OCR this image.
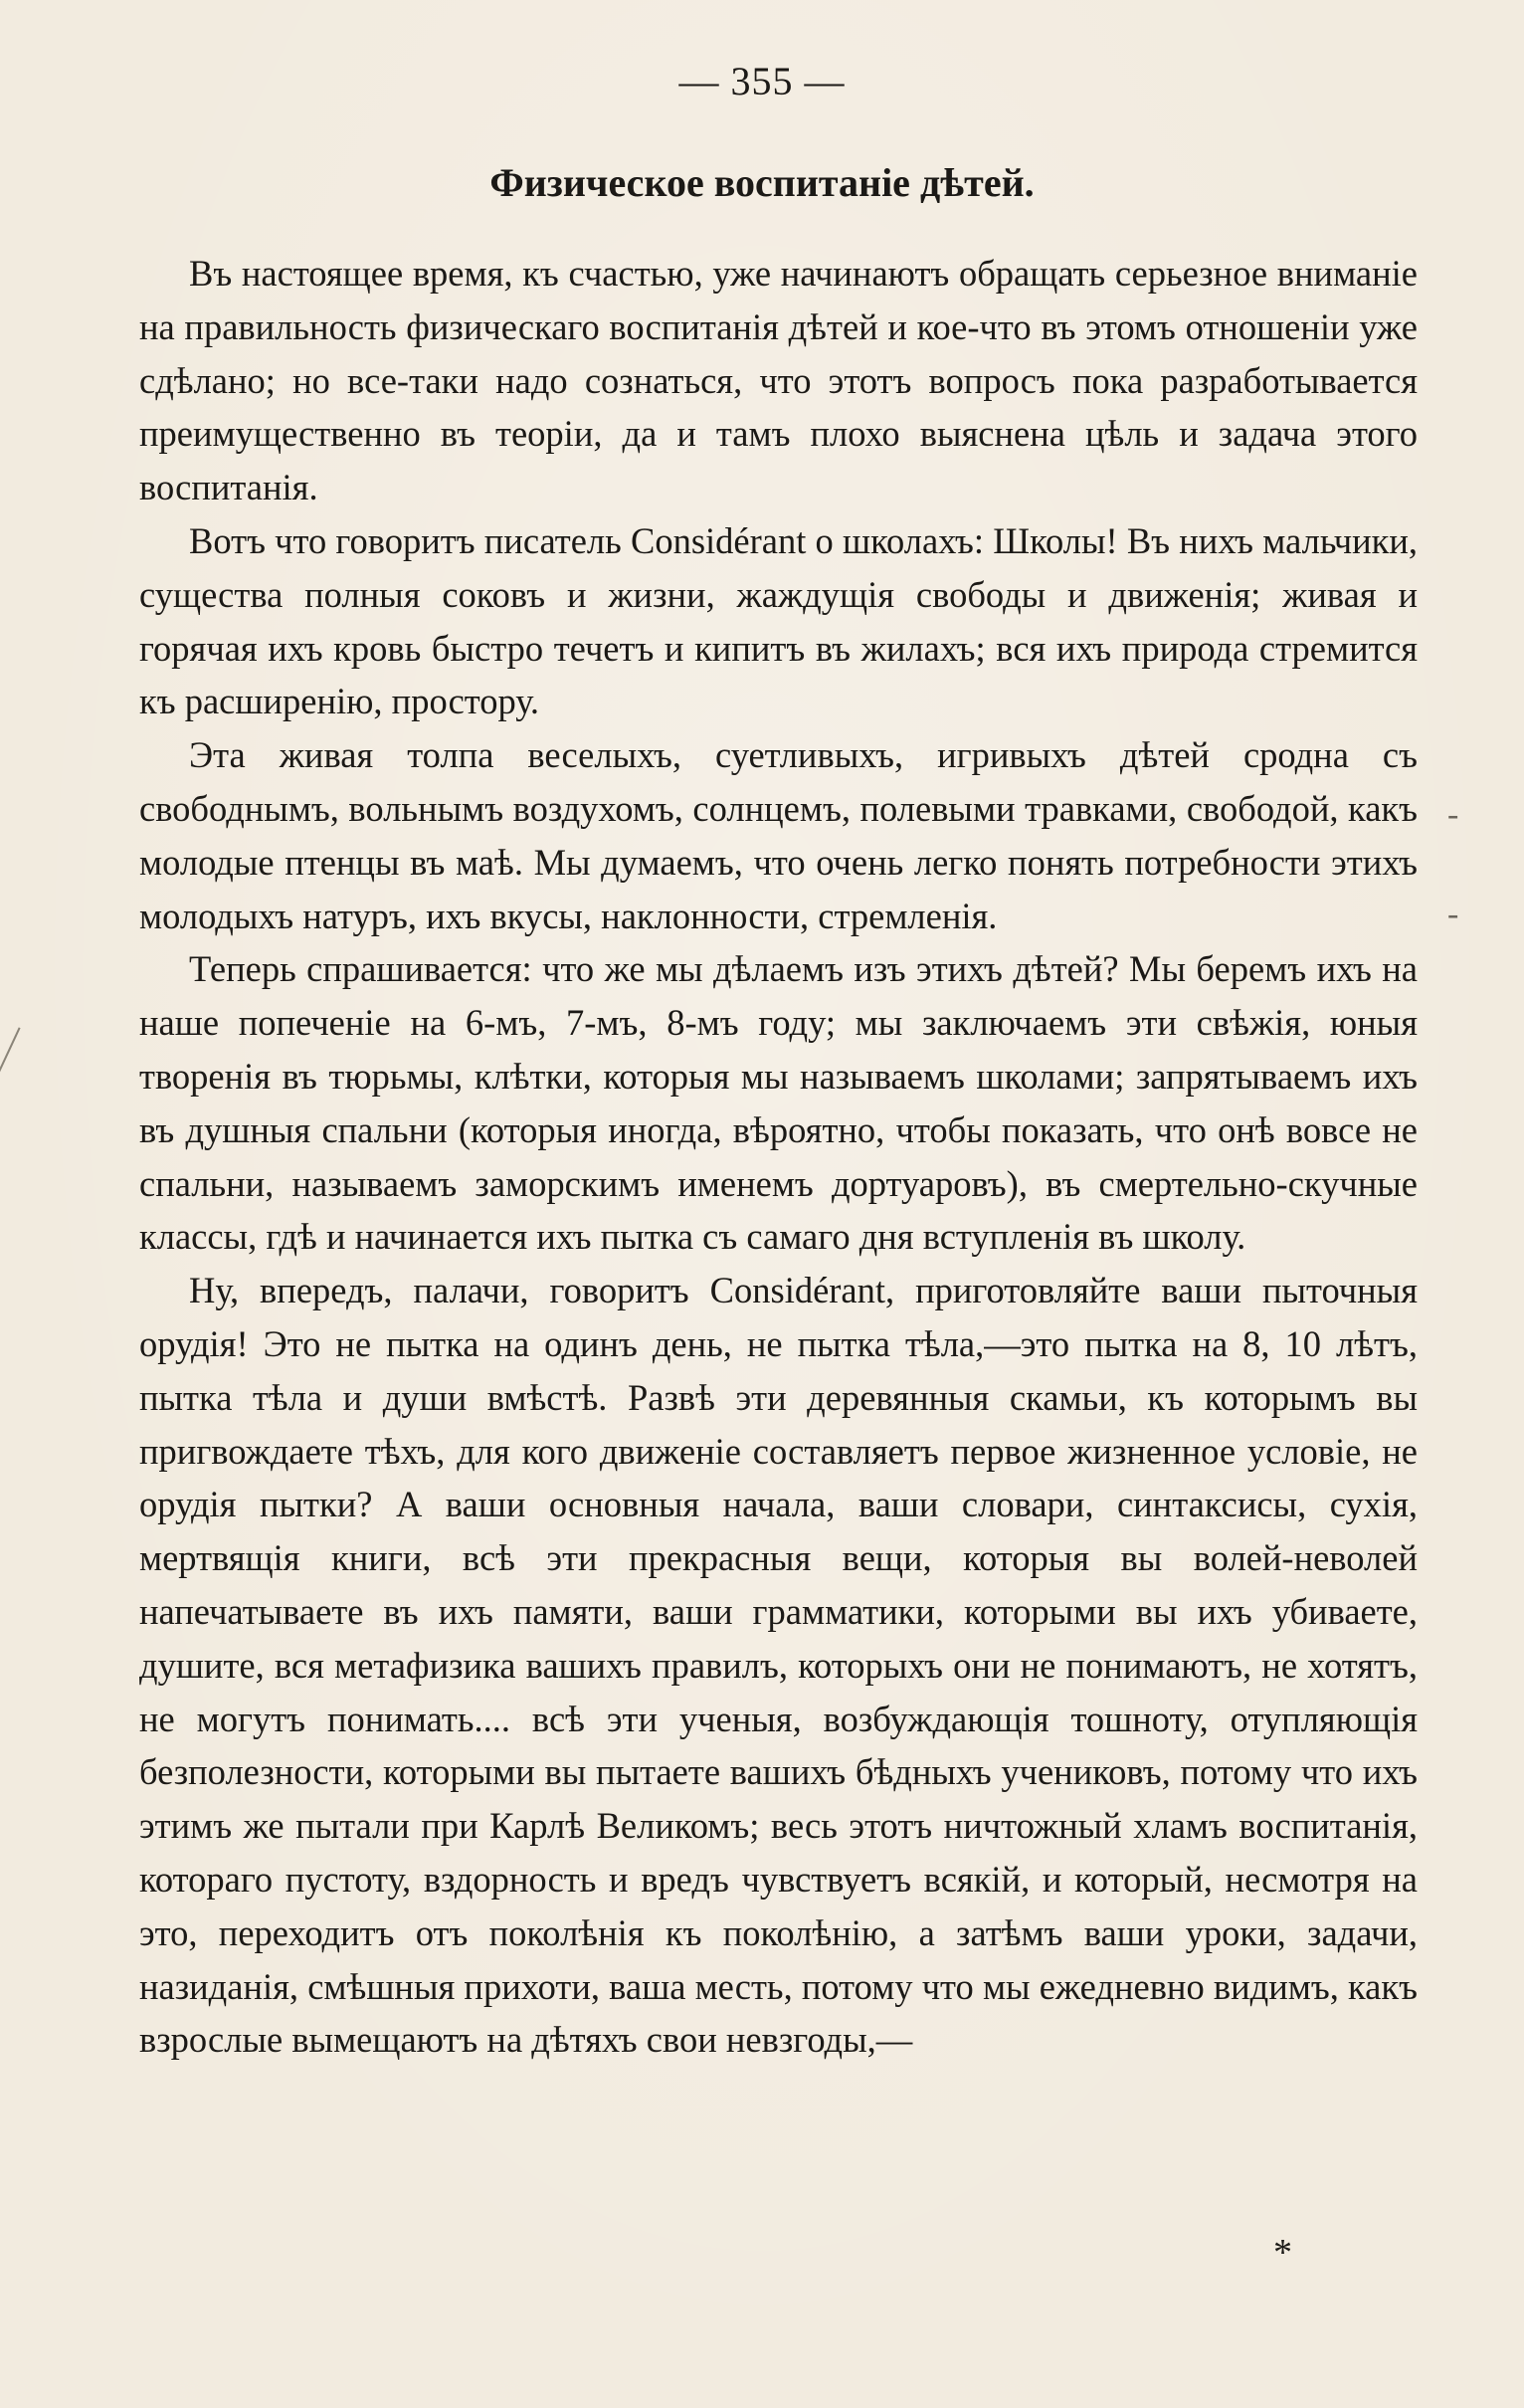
— 355 —
Физическое воспитаніе дѣтей.

Въ настоящее время, къ счастью, уже начинаютъ обращать серьезное вниманіе на правильность физическаго воспитанія дѣтей и кое-что въ этомъ отношеніи уже сдѣлано; но все-таки надо сознаться, что этотъ вопросъ пока разработывается преимущественно въ теоріи, да и тамъ плохо выяснена цѣль и задача этого воспитанія.

Вотъ что говоритъ писатель Considérant о школахъ: Школы! Въ нихъ мальчики, существа полныя соковъ и жизни, жаждущія свободы и движенія; живая и горячая ихъ кровь быстро течетъ и кипитъ въ жилахъ; вся ихъ природа стремится къ расширенію, простору.

Эта живая толпа веселыхъ, суетливыхъ, игривыхъ дѣтей сродна съ свободнымъ, вольнымъ воздухомъ, солнцемъ, полевыми травками, свободой, какъ молодые птенцы въ маѣ. Мы думаемъ, что очень легко понять потребности этихъ молодыхъ натуръ, ихъ вкусы, наклонности, стремленія.

Теперь спрашивается: что же мы дѣлаемъ изъ этихъ дѣтей? Мы беремъ ихъ на наше попеченіе на 6-мъ, 7-мъ, 8-мъ году; мы заключаемъ эти свѣжія, юныя творенія въ тюрьмы, клѣтки, которыя мы называемъ школами; запрятываемъ ихъ въ душныя спальни (которыя иногда, вѣроятно, чтобы показать, что онѣ вовсе не спальни, называемъ заморскимъ именемъ дортуаровъ), въ смертельно-скучные классы, гдѣ и начинается ихъ пытка съ самаго дня вступленія въ школу.

Ну, впередъ, палачи, говоритъ Considérant, приготовляйте ваши пыточныя орудія! Это не пытка на одинъ день, не пытка тѣла,—это пытка на 8, 10 лѣтъ, пытка тѣла и души вмѣстѣ. Развѣ эти деревянныя скамьи, къ которымъ вы пригвождаете тѣхъ, для кого движеніе составляетъ первое жизненное условіе, не орудія пытки? А ваши основныя начала, ваши словари, синтаксисы, сухія, мертвящія книги, всѣ эти прекрасныя вещи, которыя вы волей-неволей напечатываете въ ихъ памяти, ваши грамматики, которыми вы ихъ убиваете, душите, вся метафизика вашихъ правилъ, которыхъ они не понимаютъ, не хотятъ, не могутъ понимать.... всѣ эти ученыя, возбуждающія тошноту, отупляющія безполезности, которыми вы пытаете вашихъ бѣдныхъ учениковъ, потому что ихъ этимъ же пытали при Карлѣ Великомъ; весь этотъ ничтожный хламъ воспитанія, котораго пустоту, вздорность и вредъ чувствуетъ всякій, и который, несмотря на это, переходитъ отъ поколѣнія къ поколѣнію, а затѣмъ ваши уроки, задачи, назиданія, смѣшныя прихоти, ваша месть, потому что мы ежедневно видимъ, какъ взрослые вымещаютъ на дѣтяхъ свои невзгоды,—

-
-
*
